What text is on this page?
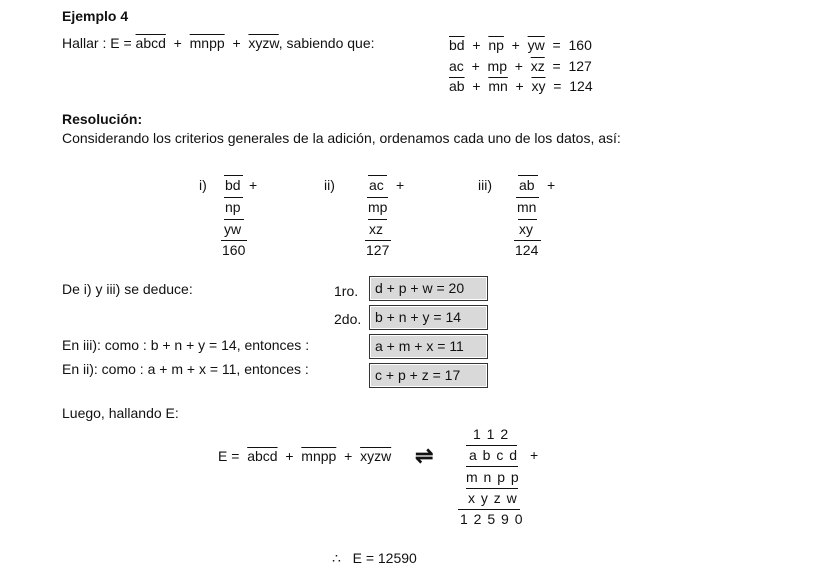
Ejemplo 4
Hallar : E = abcd + mnpp + xyzw, sabiendo que:	$\overline{bd} + \overline{np} + \overline{yw} = 160$
ac  +  mp  +  $\overline{xz} = 127$
$\overline{ab} + \overline{mn} + \overline{xy} = 124$
Resolución:
Considerando los criterios generales de la adición, ordenamos cada uno de los datos, así:
i) bd +
np
yw
160
ii) ac +
mp
xz
127
iii) ab +
mn
xy
124
De i) y iii) se deduce:	1ro.
2do.
En iii): como : b + n + y = 14, entonces :
En ii): como : a + m + x = 11, entonces :
d + p + w = 20
b + n + y = 14
a + m + x = 11
c + p + z = 17
Luego, hallando E:
E = abcd + mnpp + xyzw ⇌
1 1 2
a b c d +
m n p p
x y z w
1 2 5 9 0
∴ E = 12590
